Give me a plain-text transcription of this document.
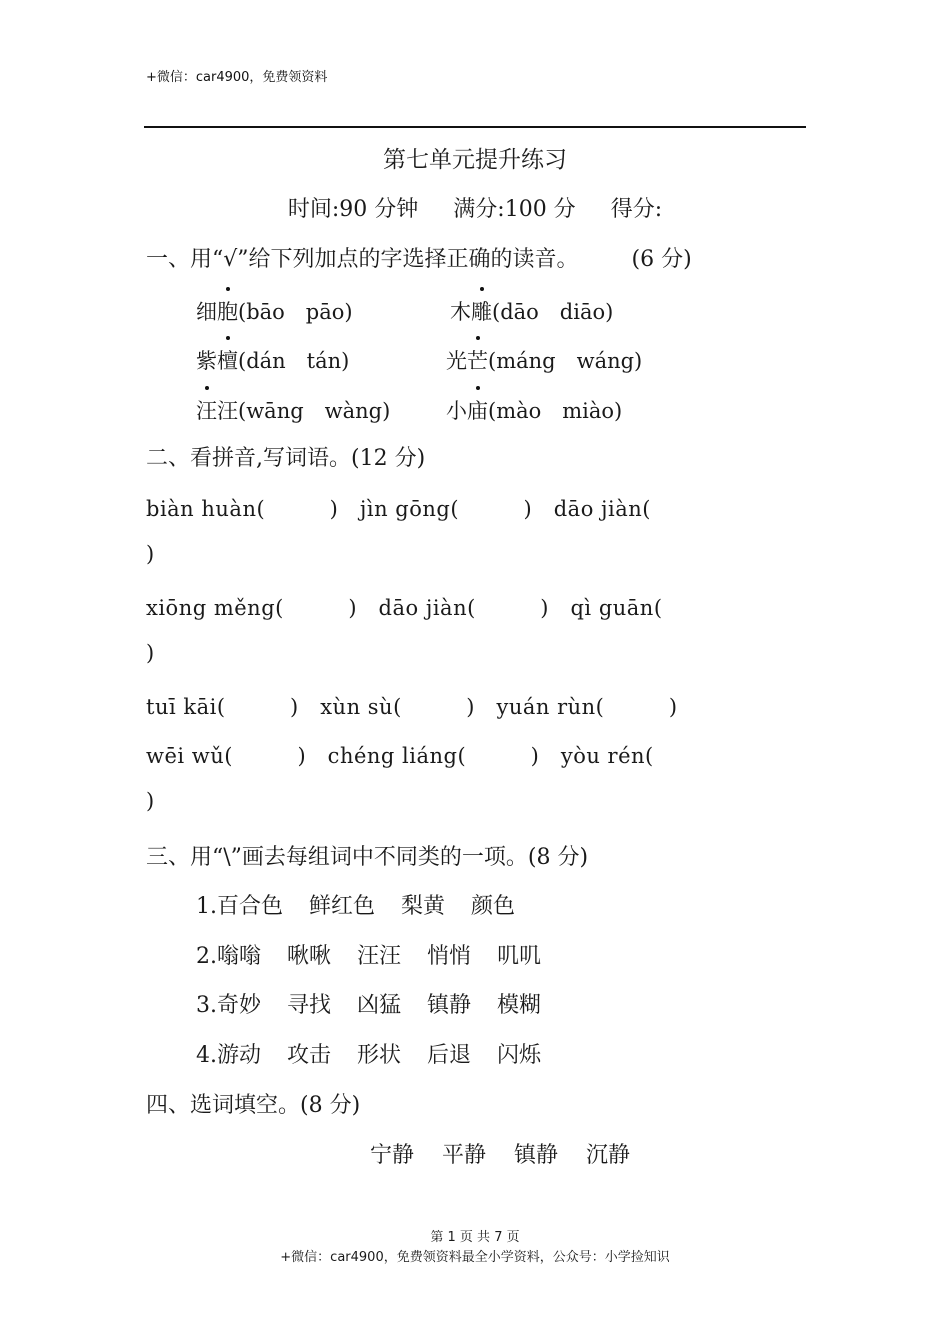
+微信：car4900，免费领资料
第七单元提升练习
时间:90 分钟 满分:100 分 得分:
一、用“√”给下列加点的字选择正确的读音。 (6 分)
细胞(bāo　pāo)	木雕(dāo　diāo)
紫檀(dán　tán)	光芒(máng　wáng)
汪汪(wāng　wàng)	小庙(mào　miào)
二、看拼音,写词语。(12 分)
biàn huàn(　　　)　jìn gōng(　　　)　dāo jiàn(
)
xiōng měng(　　　)　dāo jiàn(　　　)　qì guān(
)
tuī kāi(　　　)　xùn sù(　　　)　yuán rùn(　　　)
wēi wǔ(　　　)　chéng liáng(　　　)　yòu rén(
)
三、用“\”画去每组词中不同类的一项。(8 分)
1.百合色 鲜红色 梨黄 颜色
2.嗡嗡 啾啾 汪汪 悄悄 叽叽
3.奇妙 寻找 凶猛 镇静 模糊
4.游动 攻击 形状 后退 闪烁
四、选词填空。(8 分)
宁静 平静 镇静 沉静
第 1 页 共 7 页
+微信：car4900，免费领资料最全小学资料，公众号：小学捡知识
